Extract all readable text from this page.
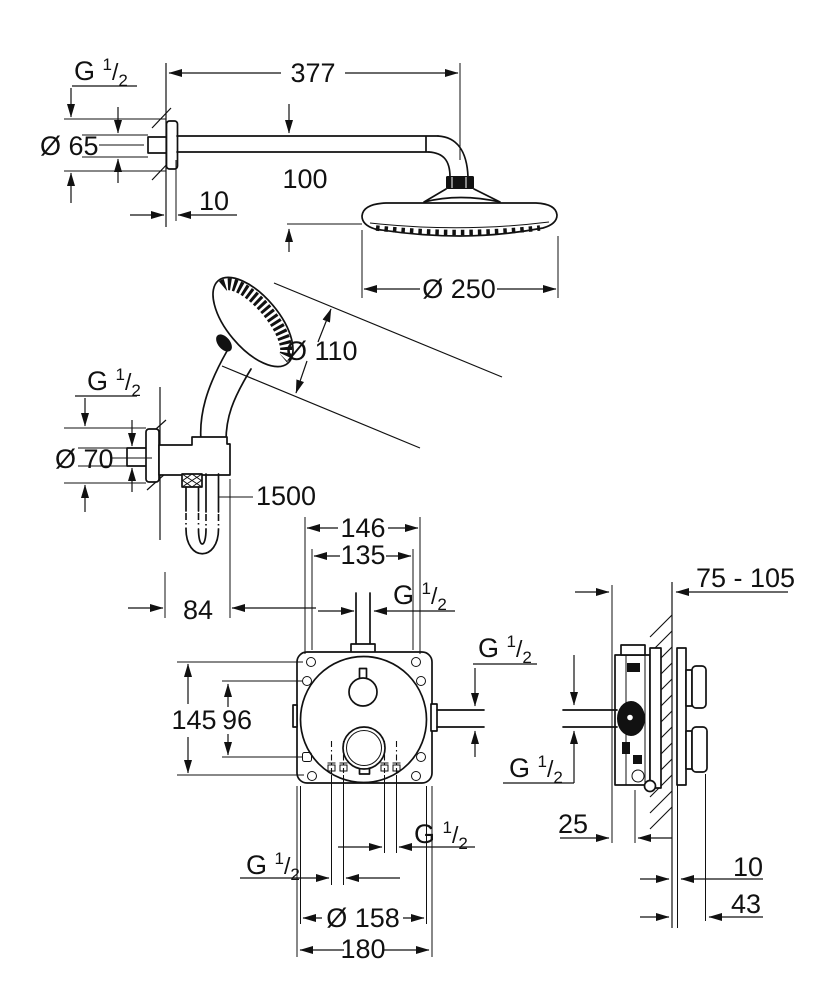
377
100
Ø 250
G $^1/_2$
Ø 65
10
Ø 110
1500
G $^1/_2$
Ø 70
84
146
135
G $^1/_2$
145 96
G $^1/_2$
G $^1/_2$
G $^1/_2$
Ø 158
180
75 - 105
G $^1/_2$
25
10
43
